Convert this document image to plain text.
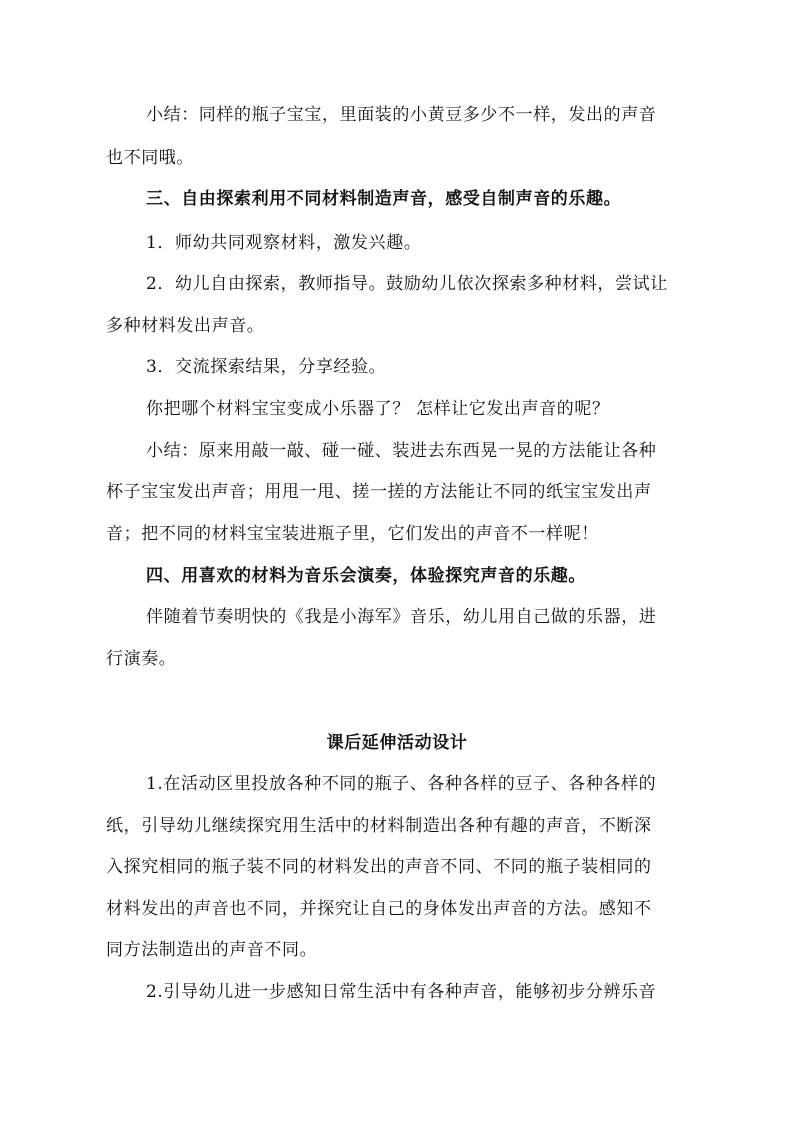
小结：同样的瓶子宝宝，里面装的小黄豆多少不一样，发出的声音
也不同哦。
三、自由探索利用不同材料制造声音，感受自制声音的乐趣。
1．师幼共同观察材料，激发兴趣。
2．幼儿自由探索，教师指导。鼓励幼儿依次探索多种材料，尝试让
多种材料发出声音。
3．交流探索结果，分享经验。
你把哪个材料宝宝变成小乐器了？ 怎样让它发出声音的呢？
小结：原来用敲一敲、碰一碰、装进去东西晃一晃的方法能让各种
杯子宝宝发出声音；用甩一甩、搓一搓的方法能让不同的纸宝宝发出声
音；把不同的材料宝宝装进瓶子里，它们发出的声音不一样呢！
四、用喜欢的材料为音乐会演奏，体验探究声音的乐趣。
伴随着节奏明快的《我是小海军》音乐，幼儿用自己做的乐器，进
行演奏。
课后延伸活动设计
1.在活动区里投放各种不同的瓶子、各种各样的豆子、各种各样的
纸，引导幼儿继续探究用生活中的材料制造出各种有趣的声音，不断深
入探究相同的瓶子装不同的材料发出的声音不同、不同的瓶子装相同的
材料发出的声音也不同，并探究让自己的身体发出声音的方法。感知不
同方法制造出的声音不同。
2.引导幼儿进一步感知日常生活中有各种声音，能够初步分辨乐音
